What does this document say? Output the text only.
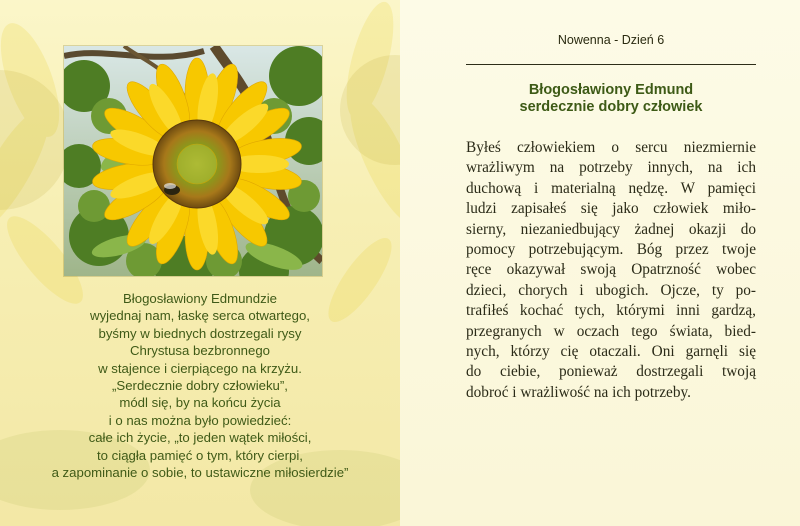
Błogosławiony Edmundzie
wyjednaj nam, łaskę serca otwartego,
byśmy w biednych dostrzegali rysy
Chrystusa bezbronnego
w stajence i cierpiącego na krzyżu.
„Serdecznie dobry człowieku”,
módl się, by na końcu życia
i o nas można było powiedzieć:
całe ich życie, „to jeden wątek miłości,
to ciągła pamięć o tym, który cierpi,
a zapominanie o sobie, to ustawiczne miłosierdzie”
Nowenna - Dzień 6
Błogosławiony Edmund
serdecznie dobry człowiek
Byłeś człowiekiem o sercu niezmiernie
wrażliwym na potrzeby innych, na ich
duchową i materialną nędzę. W pamięci
ludzi zapisałeś się jako człowiek miło-
sierny, niezaniedbujący żadnej okazji do
pomocy potrzebującym. Bóg przez twoje
ręce okazywał swoją Opatrzność wobec
dzieci, chorych i ubogich. Ojcze, ty po-
trafiłeś kochać tych, którymi inni gardzą,
przegranych w oczach tego świata, bied-
nych, którzy cię otaczali. Oni garnęli się
do ciebie, ponieważ dostrzegali twoją
dobroć i wrażliwość na ich potrzeby.
